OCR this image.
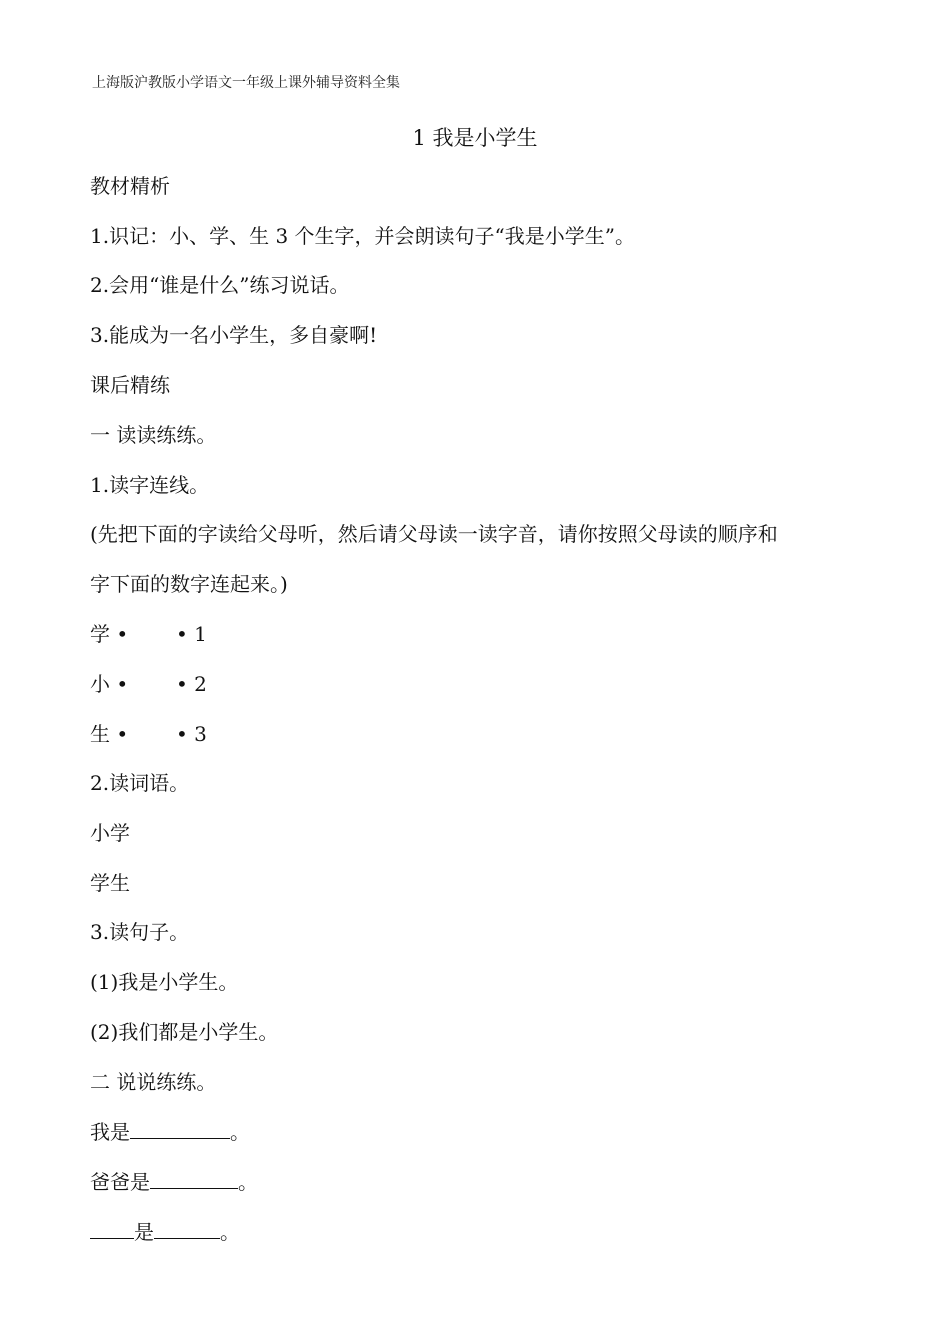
上海版沪教版小学语文一年级上课外辅导资料全集
1 我是小学生
教材精析
1.识记：小、学、生 3 个生字，并会朗读句子“我是小学生”。
2.会用“谁是什么”练习说话。
3.能成为一名小学生，多自豪啊!
课后精练
一 读读练练。
1.读字连线。
(先把下面的字读给父母听，然后请父母读一读字音，请你按照父母读的顺序和
字下面的数字连起来。)
学 • • 1
小 • • 2
生 • • 3
2.读词语。
小学
学生
3.读句子。
(1)我是小学生。
(2)我们都是小学生。
二 说说练练。
我是	。
爸爸是	。
是	。
